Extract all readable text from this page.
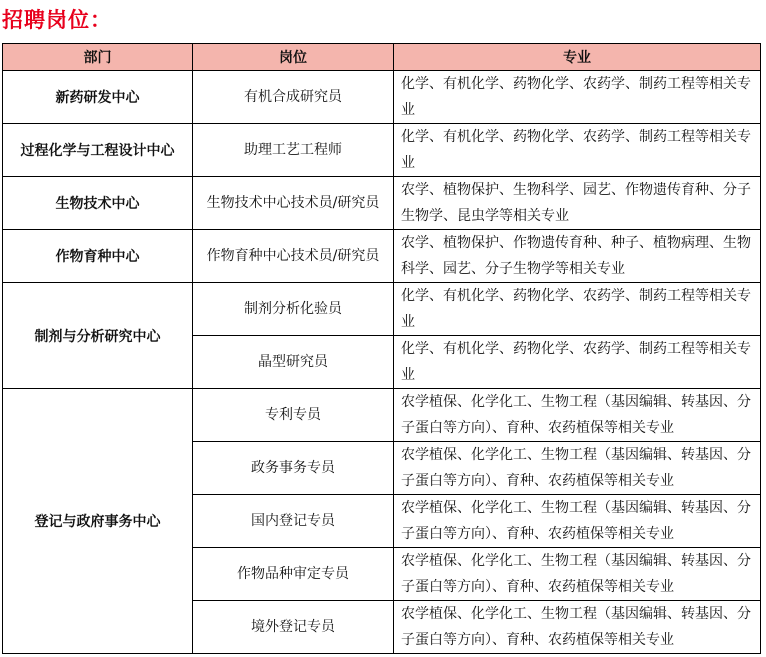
招聘岗位：
部门	岗位	专业
新药研发中心	有机合成研究员	化学、有机化学、药物化学、农药学、制药工程等相关专业
过程化学与工程设计中心	助理工艺工程师	化学、有机化学、药物化学、农药学、制药工程等相关专业
生物技术中心	生物技术中心技术员/研究员	农学、植物保护、生物科学、园艺、作物遗传育种、分子生物学、昆虫学等相关专业
作物育种中心	作物育种中心技术员/研究员	农学、植物保护、作物遗传育种、种子、植物病理、生物科学、园艺、分子生物学等相关专业
制剂与分析研究中心	制剂分析化验员	化学、有机化学、药物化学、农药学、制药工程等相关专业
	晶型研究员	化学、有机化学、药物化学、农药学、制药工程等相关专业
登记与政府事务中心	专利专员	农学植保、化学化工、生物工程（基因编辑、转基因、分子蛋白等方向）、育种、农药植保等相关专业
	政务事务专员	农学植保、化学化工、生物工程（基因编辑、转基因、分子蛋白等方向）、育种、农药植保等相关专业
	国内登记专员	农学植保、化学化工、生物工程（基因编辑、转基因、分子蛋白等方向）、育种、农药植保等相关专业
	作物品种审定专员	农学植保、化学化工、生物工程（基因编辑、转基因、分子蛋白等方向）、育种、农药植保等相关专业
	境外登记专员	农学植保、化学化工、生物工程（基因编辑、转基因、分子蛋白等方向）、育种、农药植保等相关专业
